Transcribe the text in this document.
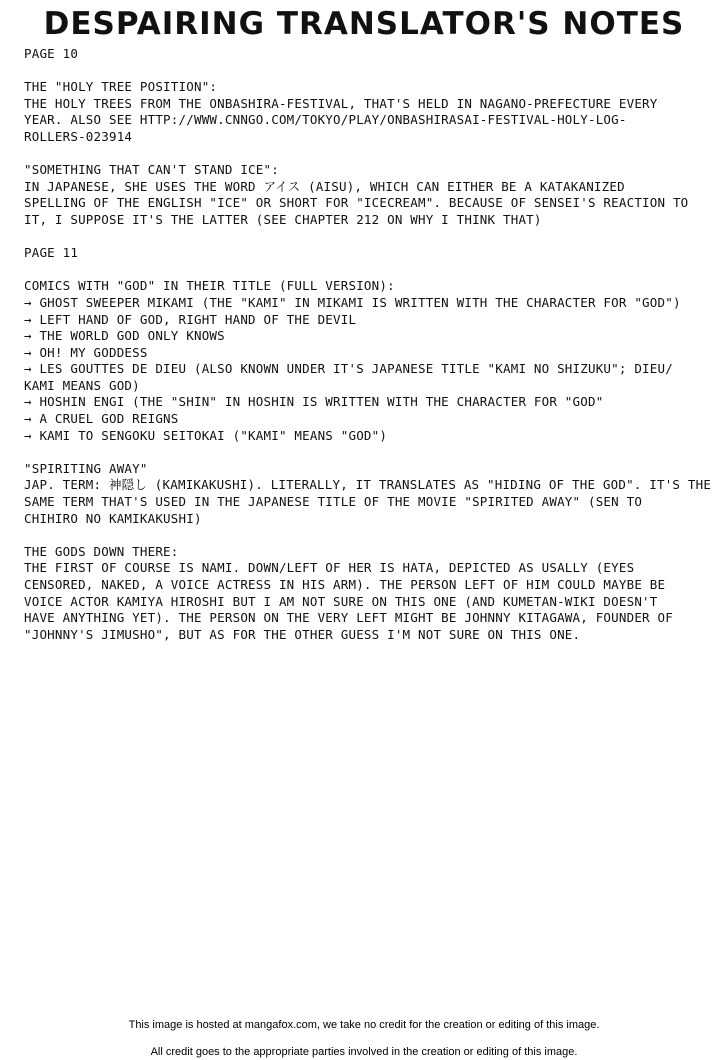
DESPAIRING TRANSLATOR'S NOTES
PAGE 10
THE "HOLY TREE POSITION":
THE HOLY TREES FROM THE ONBASHIRA-FESTIVAL, THAT'S HELD IN NAGANO-PREFECTURE EVERY
YEAR. ALSO SEE HTTP://WWW.CNNGO.COM/TOKYO/PLAY/ONBASHIRASAI-FESTIVAL-HOLY-LOG-
ROLLERS-023914
"SOMETHING THAT CAN'T STAND ICE":
IN JAPANESE, SHE USES THE WORD アイス (AISU), WHICH CAN EITHER BE A KATAKANIZED
SPELLING OF THE ENGLISH "ICE" OR SHORT FOR "ICECREAM". BECAUSE OF SENSEI'S REACTION TO
IT, I SUPPOSE IT'S THE LATTER (SEE CHAPTER 212 ON WHY I THINK THAT)
PAGE 11
COMICS WITH "GOD" IN THEIR TITLE (FULL VERSION):
→ GHOST SWEEPER MIKAMI (THE "KAMI" IN MIKAMI IS WRITTEN WITH THE CHARACTER FOR "GOD")
→ LEFT HAND OF GOD, RIGHT HAND OF THE DEVIL
→ THE WORLD GOD ONLY KNOWS
→ OH! MY GODDESS
→ LES GOUTTES DE DIEU (ALSO KNOWN UNDER IT'S JAPANESE TITLE "KAMI NO SHIZUKU"; DIEU/
KAMI MEANS GOD)
→ HOSHIN ENGI (THE "SHIN" IN HOSHIN IS WRITTEN WITH THE CHARACTER FOR "GOD"
→ A CRUEL GOD REIGNS
→ KAMI TO SENGOKU SEITOKAI ("KAMI" MEANS "GOD")
"SPIRITING AWAY"
JAP. TERM: 神隠し (KAMIKAKUSHI). LITERALLY, IT TRANSLATES AS "HIDING OF THE GOD". IT'S THE
SAME TERM THAT'S USED IN THE JAPANESE TITLE OF THE MOVIE "SPIRITED AWAY" (SEN TO
CHIHIRO NO KAMIKAKUSHI)
THE GODS DOWN THERE:
THE FIRST OF COURSE IS NAMI. DOWN/LEFT OF HER IS HATA, DEPICTED AS USALLY (EYES
CENSORED, NAKED, A VOICE ACTRESS IN HIS ARM). THE PERSON LEFT OF HIM COULD MAYBE BE
VOICE ACTOR KAMIYA HIROSHI BUT I AM NOT SURE ON THIS ONE (AND KUMETAN-WIKI DOESN'T
HAVE ANYTHING YET). THE PERSON ON THE VERY LEFT MIGHT BE JOHNNY KITAGAWA, FOUNDER OF
"JOHNNY'S JIMUSHO", BUT AS FOR THE OTHER GUESS I'M NOT SURE ON THIS ONE.
This image is hosted at mangafox.com, we take no credit for the creation or editing of this image.

All credit goes to the appropriate parties involved in the creation or editing of this image.
